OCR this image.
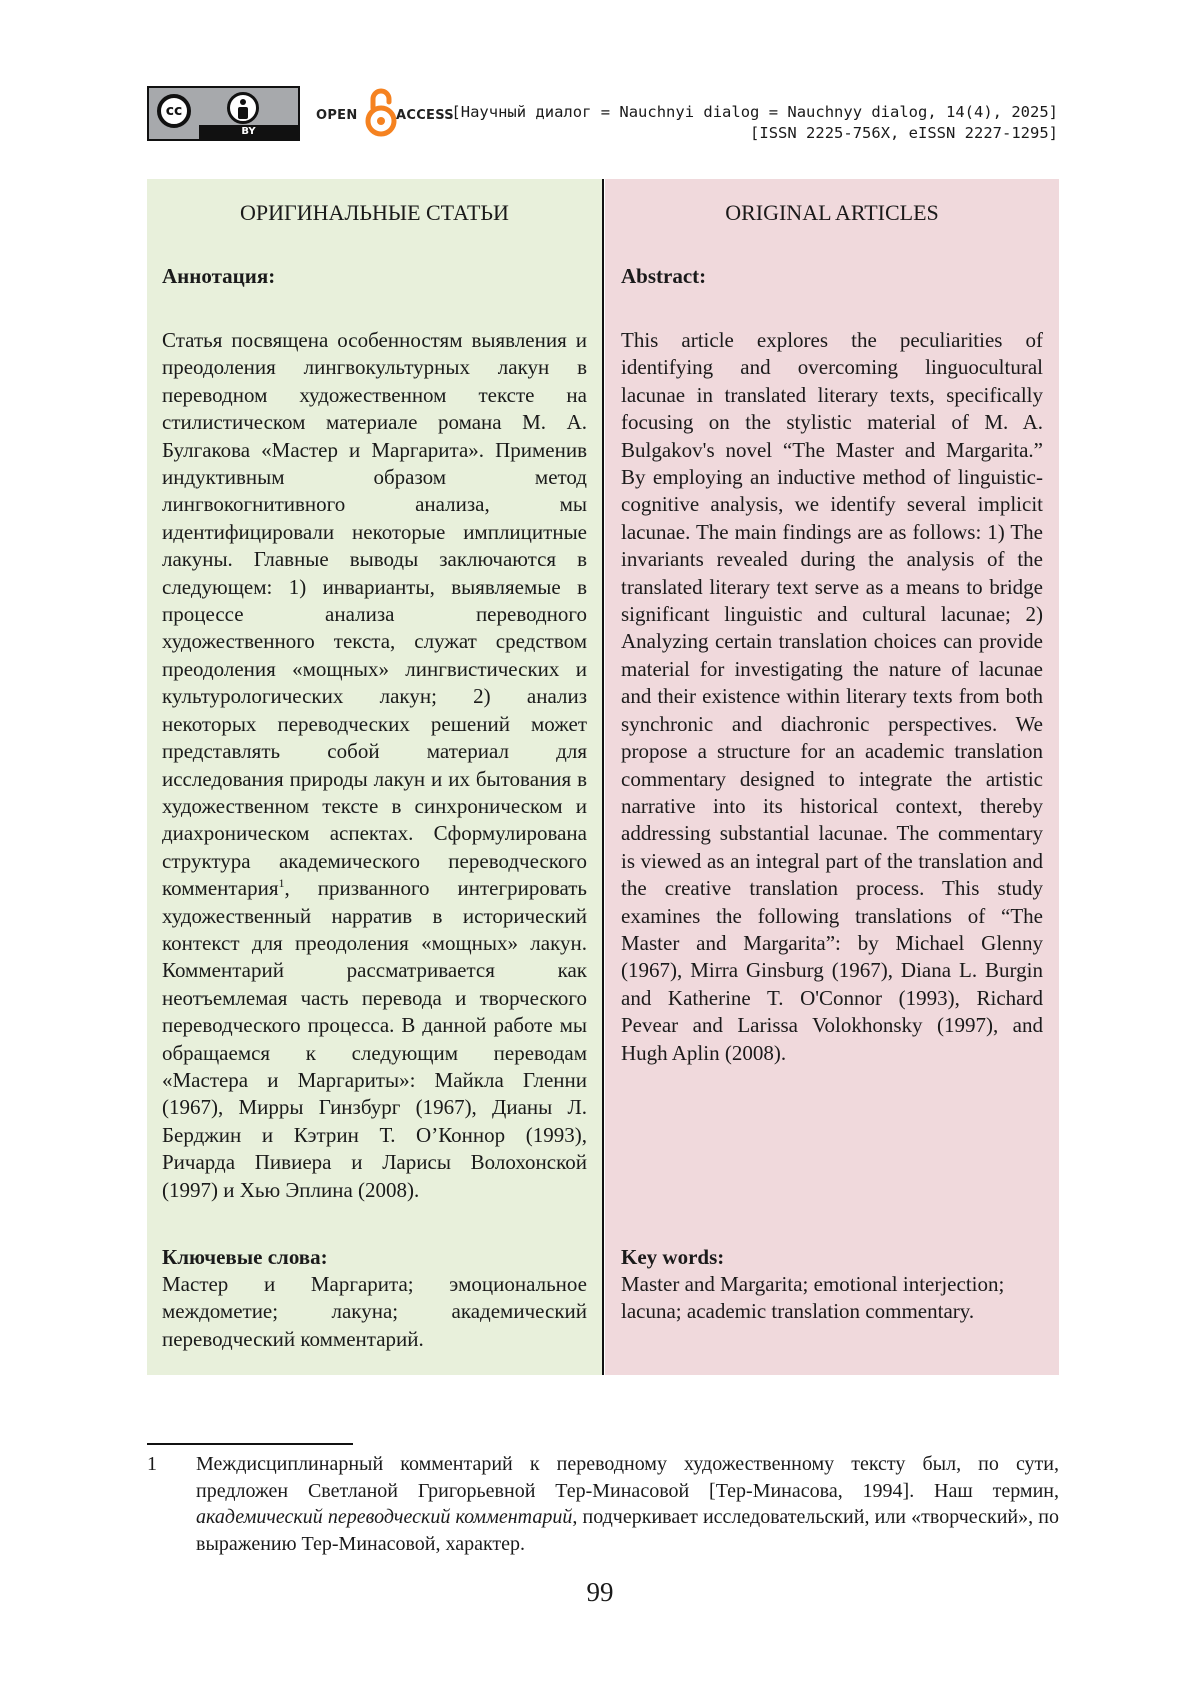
cc
BY
OPEN	ACCESS
[Научный диалог = Nauchnyi dialog = Nauchnyy dialog, 14(4), 2025]
[ISSN 2225-756X, eISSN 2227-1295]
ОРИГИНАЛЬНЫЕ СТАТЬИ
Аннотация:
Статья посвящена особенностям выявления и преодоления лингвокультурных лакун в переводном художественном тексте на стилистическом материале романа М. А. Булгакова «Мастер и Маргарита». Применив индуктивным образом метод лингвокогнитивного анализа, мы идентифицировали некоторые имплицитные лакуны. Главные выводы заключаются в следующем: 1) инварианты, выявляемые в процессе анализа переводного художественного текста, служат средством преодоления «мощных» лингвистических и культурологических лакун; 2) анализ некоторых переводческих решений может представлять собой материал для исследования природы лакун и их бытования в художественном тексте в синхроническом и диахроническом аспектах. Сформулирована структура академического переводческого комментария$^1$, призванного интегрировать художественный нарратив в исторический контекст для преодоления «мощных» лакун. Комментарий рассматривается как неотъемлемая часть перевода и творческого переводческого процесса. В данной работе мы обращаемся к следующим переводам «Мастера и Маргариты»: Майкла Гленни (1967), Мирры Гинзбург (1967), Дианы Л. Берджин и Кэтрин Т. О’Коннор (1993), Ричарда Пивиера и Ларисы Волохонской (1997) и Хью Эплина (2008).
Ключевые слова:
Мастер и Маргарита; эмоциональное междометие; лакуна; академический переводческий комментарий.
ORIGINAL ARTICLES
Abstract:
This article explores the peculiarities of identifying and overcoming linguocultural lacunae in translated literary texts, specifically focusing on the stylistic material of M. A. Bulgakov's novel “The Master and Margarita.” By employing an inductive method of linguistic-cognitive analysis, we identify several implicit lacunae. The main findings are as follows: 1) The invariants revealed during the analysis of the translated literary text serve as a means to bridge significant linguistic and cultural lacunae; 2) Analyzing certain translation choices can provide material for investigating the nature of lacunae and their existence within literary texts from both synchronic and diachronic perspectives. We propose a structure for an academic translation commentary designed to integrate the artistic narrative into its historical context, thereby addressing substantial lacunae. The commentary is viewed as an integral part of the translation and the creative translation process. This study examines the following translations of “The Master and Margarita”: by Michael Glenny (1967), Mirra Ginsburg (1967), Diana L. Burgin and Katherine T. O'Connor (1993), Richard Pevear and Larissa Volokhonsky (1997), and Hugh Aplin (2008).
Key words:
Master and Margarita; emotional interjection; lacuna; academic translation commentary.
1 Междисциплинарный комментарий к переводному художественному тексту был, по сути, предложен Светланой Григорьевной Тер-Минасовой [Тер-Минасова, 1994]. Наш термин, академический переводческий комментарий, подчеркивает исследовательский, или «творческий», по выражению Тер-Минасовой, характер.
99
